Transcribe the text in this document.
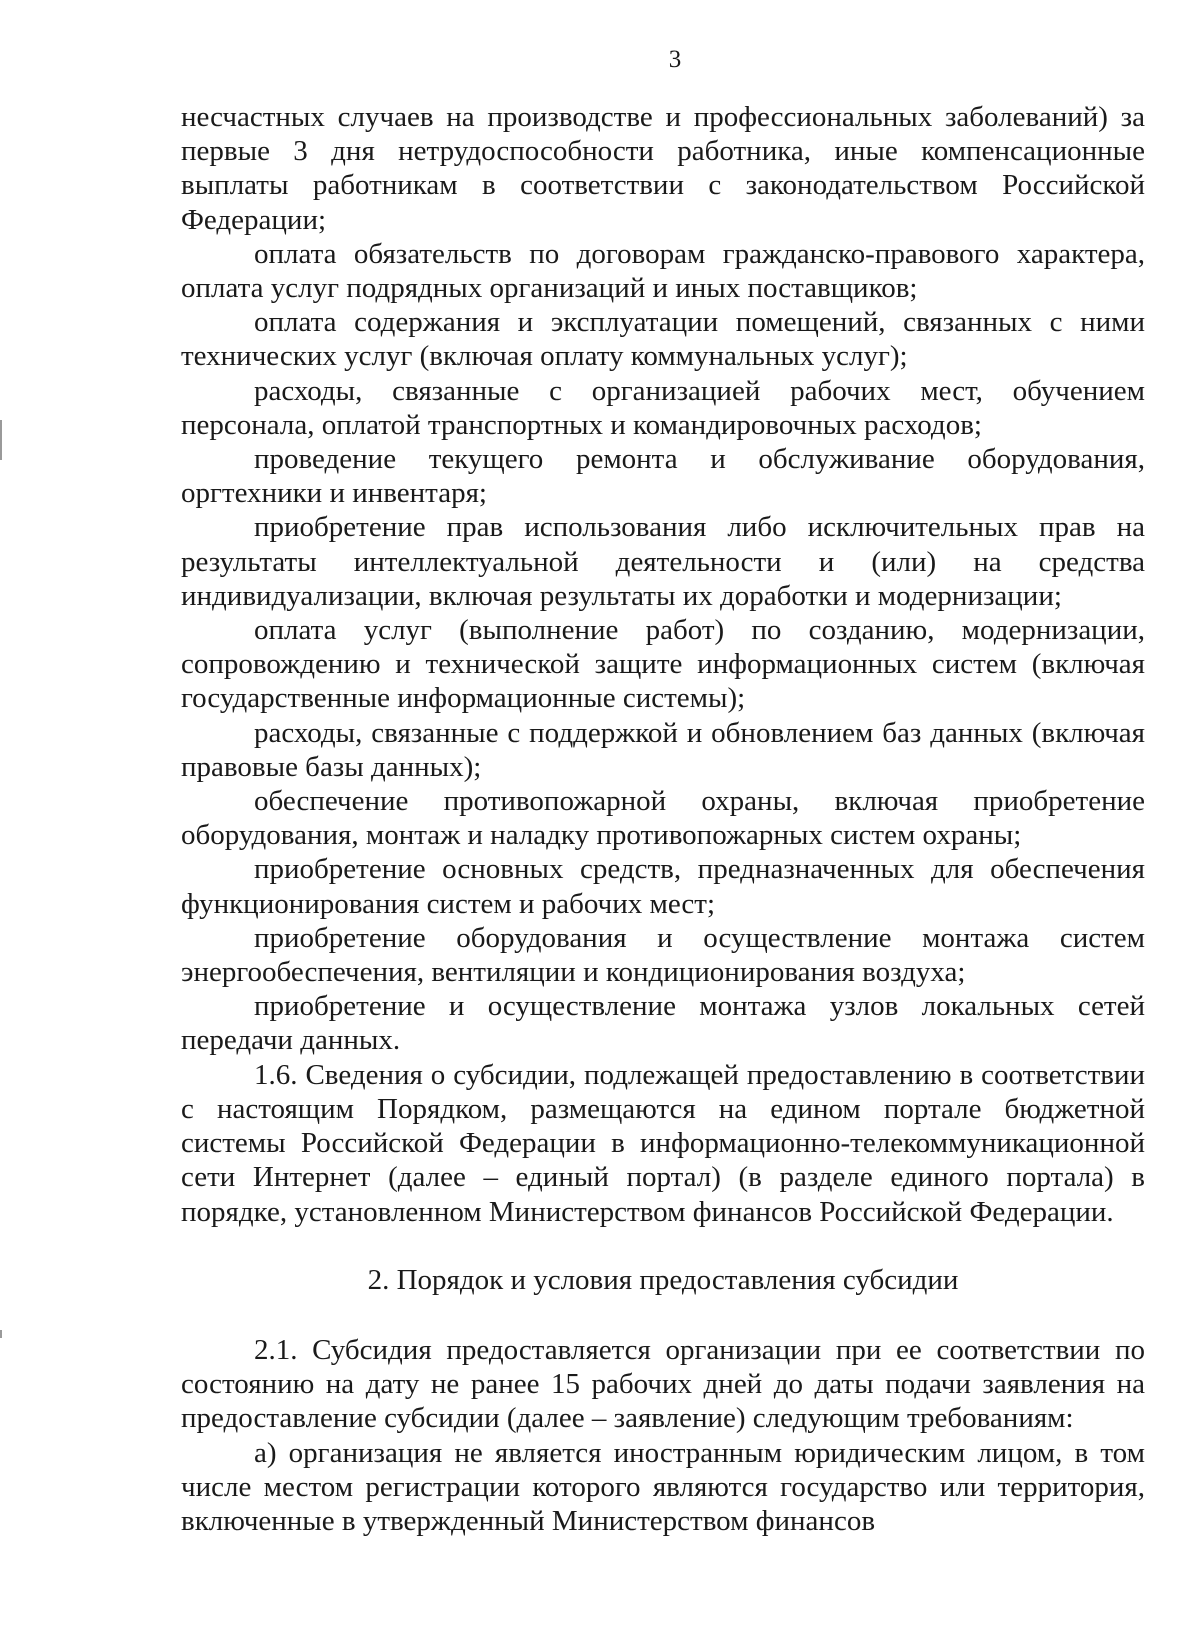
3

несчастных случаев на производстве и профессиональных заболеваний) за первые 3 дня нетрудоспособности работника, иные компенсационные выплаты работникам в соответствии с законодательством Российской Федерации;

оплата обязательств по договорам гражданско-правового характера, оплата услуг подрядных организаций и иных поставщиков;

оплата содержания и эксплуатации помещений, связанных с ними технических услуг (включая оплату коммунальных услуг);

расходы, связанные с организацией рабочих мест, обучением персонала, оплатой транспортных и командировочных расходов;

проведение текущего ремонта и обслуживание оборудования, оргтехники и инвентаря;

приобретение прав использования либо исключительных прав на результаты интеллектуальной деятельности и (или) на средства индивидуализации, включая результаты их доработки и модернизации;

оплата услуг (выполнение работ) по созданию, модернизации, сопровождению и технической защите информационных систем (включая государственные информационные системы);

расходы, связанные с поддержкой и обновлением баз данных (включая правовые базы данных);

обеспечение противопожарной охраны, включая приобретение оборудования, монтаж и наладку противопожарных систем охраны;

приобретение основных средств, предназначенных для обеспечения функционирования систем и рабочих мест;

приобретение оборудования и осуществление монтажа систем энергообеспечения, вентиляции и кондиционирования воздуха;

приобретение и осуществление монтажа узлов локальных сетей передачи данных.

1.6. Сведения о субсидии, подлежащей предоставлению в соответствии с настоящим Порядком, размещаются на едином портале бюджетной системы Российской Федерации в информационно-телекоммуникационной сети Интернет (далее – единый портал) (в разделе единого портала) в порядке, установленном Министерством финансов Российской Федерации.

2. Порядок и условия предоставления субсидии

2.1. Субсидия предоставляется организации при ее соответствии по состоянию на дату не ранее 15 рабочих дней до даты подачи заявления на предоставление субсидии (далее – заявление) следующим требованиям:

а) организация не является иностранным юридическим лицом, в том числе местом регистрации которого являются государство или территория, включенные в утвержденный Министерством финансов
